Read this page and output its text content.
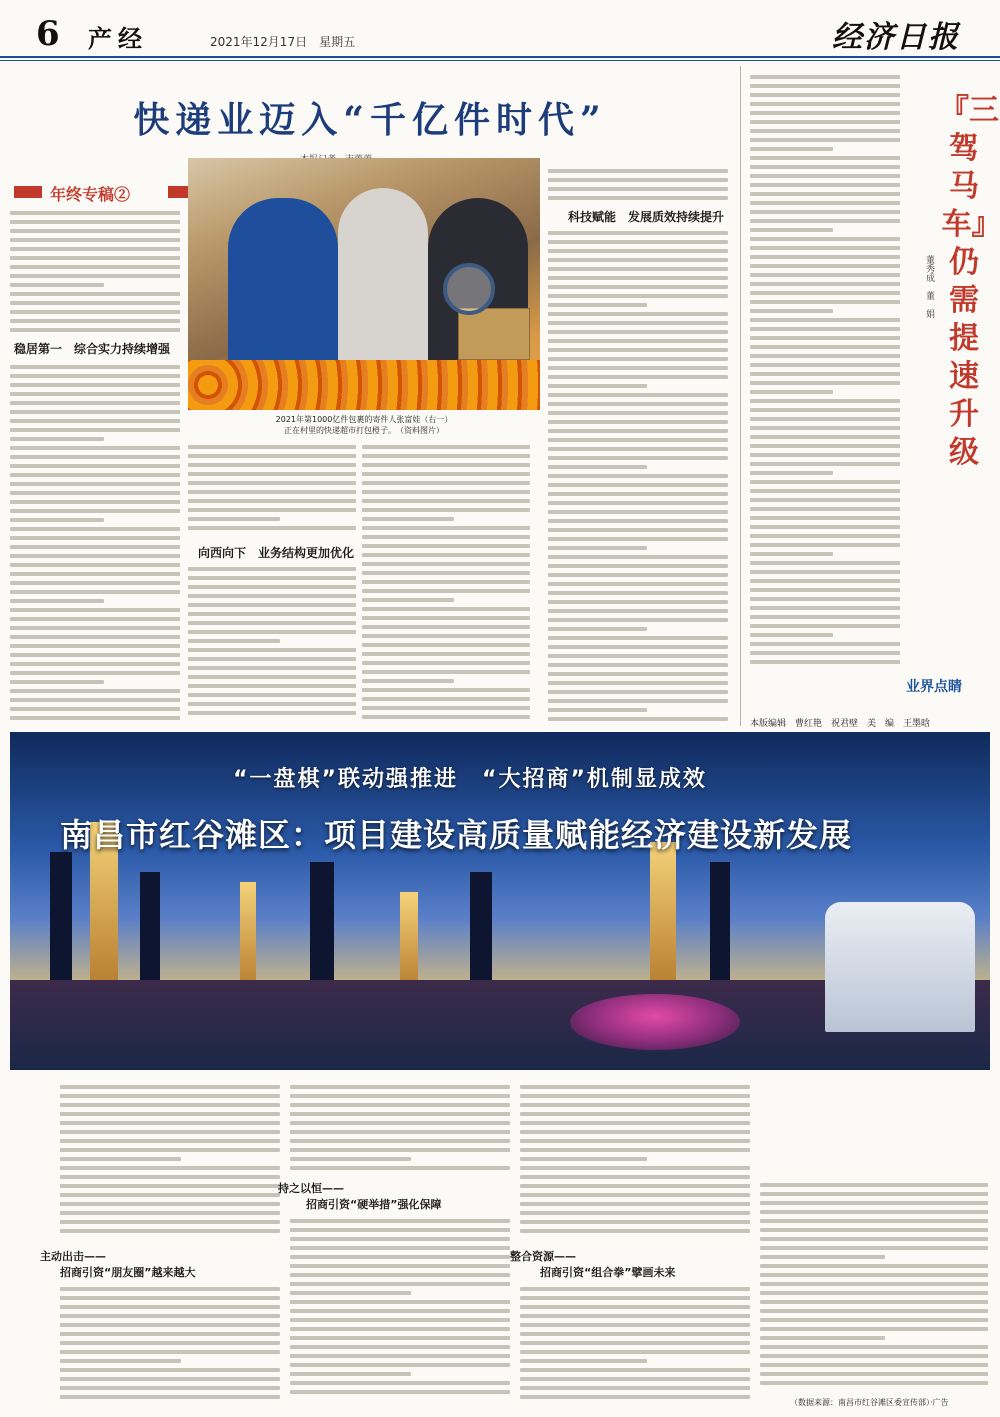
6 产经	2021年12月17日　星期五	经济日报
快递业迈入“千亿件时代”
年终专稿②
2021年第1000亿件包裹的寄件人张富娃（右一）
正在村里的快递超市打包橙子。　（资料图片）
稳居第一　综合实力持续增强
向西向下　业务结构更加优化
科技赋能　发展质效持续提升
『三驾马车』仍需提速升级
董秀成　董　娟
业界点睛
本版编辑　曹红艳　祝君壁　美　编　王墨晗
“一盘棋”联动强推进　“大招商”机制显成效
南昌市红谷滩区：项目建设高质量赋能经济建设新发展
主动出击——
招商引资“朋友圈”越来越大
持之以恒——
招商引资“硬举措”强化保障
整合资源——
招商引资“组合拳”擘画未来
（数据来源：南昌市红谷滩区委宣传部）·广告
